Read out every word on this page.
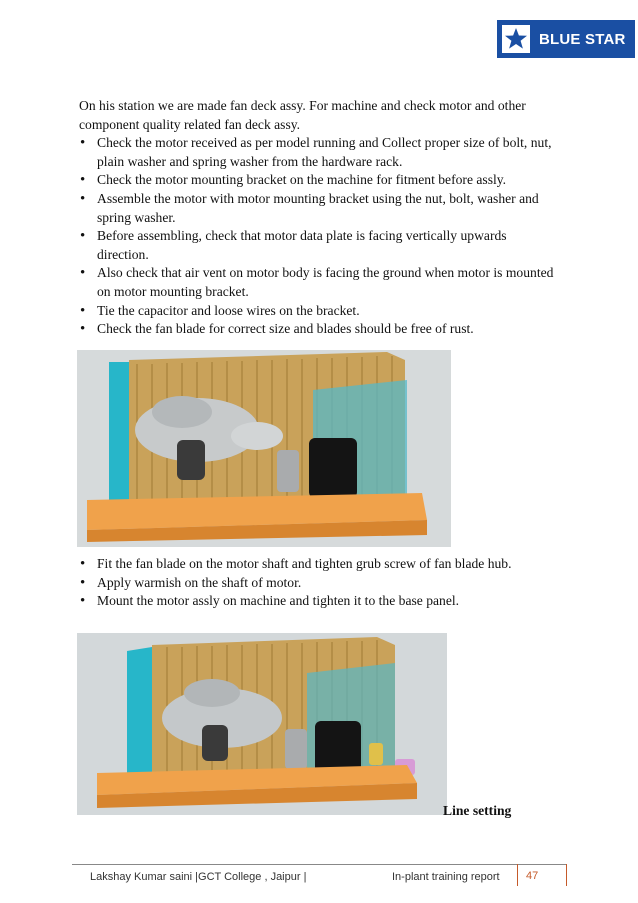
BLUE STAR

On his station we are made fan deck assy. For machine and check motor and other component quality related fan deck assy.

• Check the motor received as per model running and Collect proper size of bolt, nut, plain washer and spring washer from the hardware rack.
• Check the motor mounting bracket on the machine for fitment before assly.
• Assemble the motor with motor mounting bracket using the nut, bolt, washer and spring washer.
• Before assembling, check that motor data plate is facing vertically upwards direction.
• Also check that air vent on motor body is facing the ground when motor is mounted on motor mounting bracket.
• Tie the capacitor and loose wires on the bracket.
• Check the fan blade for correct size and blades should be free of rust.
• Fit the fan blade on the motor shaft and tighten grub screw of fan blade hub.
• Apply warmish on the shaft of motor.
• Mount the motor assly on machine and tighten it to the base panel.
Line setting
Lakshay Kumar saini |GCT College , Jaipur |	In-plant training report 47
